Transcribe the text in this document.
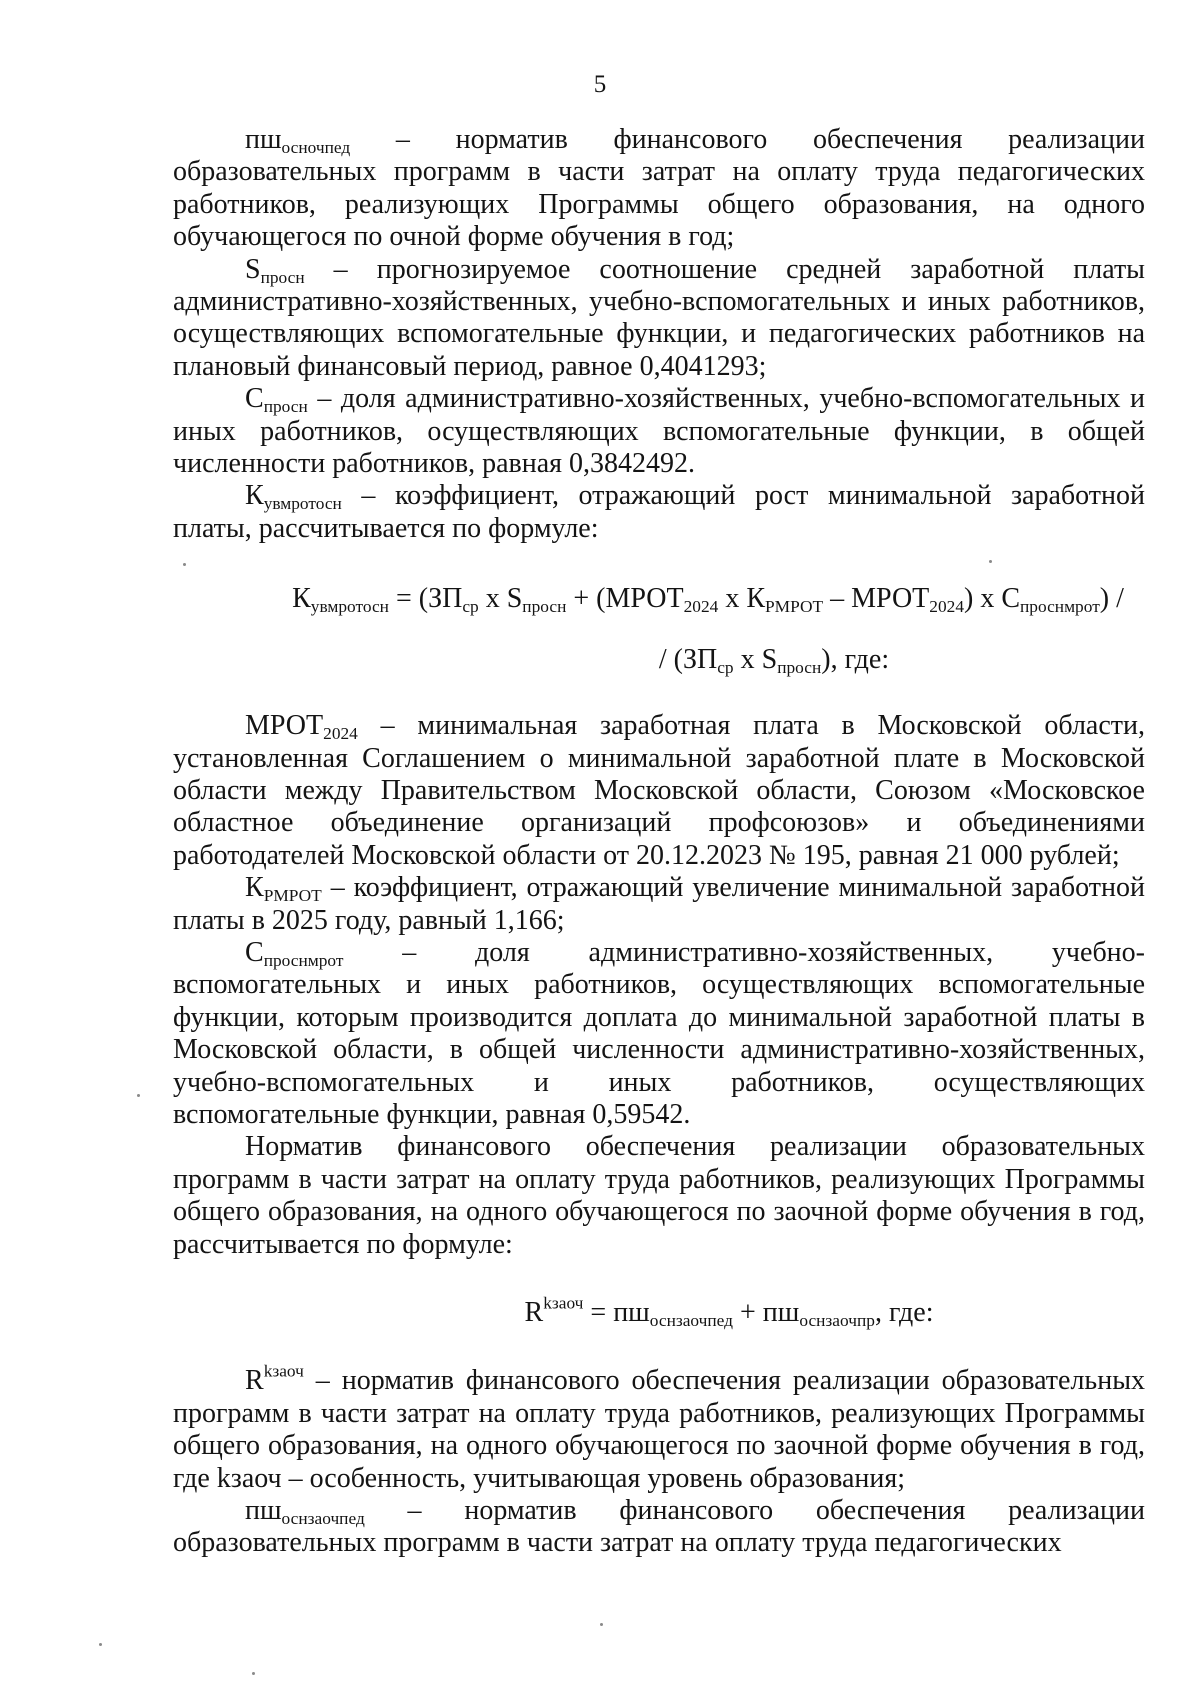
5

$пш_{осночпед}$ – норматив финансового обеспечения реализации образовательных программ в части затрат на оплату труда педагогических работников, реализующих Программы общего образования, на одного обучающегося по очной форме обучения в год;

$S_{просн}$ – прогнозируемое соотношение средней заработной платы административно-хозяйственных, учебно-вспомогательных и иных работников, осуществляющих вспомогательные функции, и педагогических работников на плановый финансовый период, равное 0,4041293;

$С_{просн}$ – доля административно-хозяйственных, учебно-вспомогательных и иных работников, осуществляющих вспомогательные функции, в общей численности работников, равная 0,3842492.

$К_{увмротосн}$ – коэффициент, отражающий рост минимальной заработной платы, рассчитывается по формуле:

$К_{увмротосн} = (ЗП_{ср}$ x $S_{просн}$ + ($МРОТ_{2024}$ x $К_{РМРОТ}$ – $МРОТ_{2024}$) x $С_{проснмрот}$) /

/ ($ЗП_{ср}$ x $S_{просн}$), где:

$МРОТ_{2024}$ – минимальная заработная плата в Московской области, установленная Соглашением о минимальной заработной плате в Московской области между Правительством Московской области, Союзом «Московское областное объединение организаций профсоюзов» и объединениями работодателей Московской области от 20.12.2023 № 195, равная 21 000 рублей;

$К_{РМРОТ}$ – коэффициент, отражающий увеличение минимальной заработной платы в 2025 году, равный 1,166;

$С_{проснмрот}$ – доля административно-хозяйственных, учебно-вспомогательных и иных работников, осуществляющих вспомогательные функции, которым производится доплата до минимальной заработной платы в Московской области, в общей численности административно-хозяйственных, учебно-вспомогательных и иных работников, осуществляющих вспомогательные функции, равная 0,59542.

Норматив финансового обеспечения реализации образовательных программ в части затрат на оплату труда работников, реализующих Программы общего образования, на одного обучающегося по заочной форме обучения в год, рассчитывается по формуле:

$R^{kзаоч} = пш_{оснзаочпед} + пш_{оснзаочпр}$, где:

$R^{kзаоч}$ – норматив финансового обеспечения реализации образовательных программ в части затрат на оплату труда работников, реализующих Программы общего образования, на одного обучающегося по заочной форме обучения в год, где kзаоч – особенность, учитывающая уровень образования;

$пш_{оснзаочпед}$ – норматив финансового обеспечения реализации образовательных программ в части затрат на оплату труда педагогических
